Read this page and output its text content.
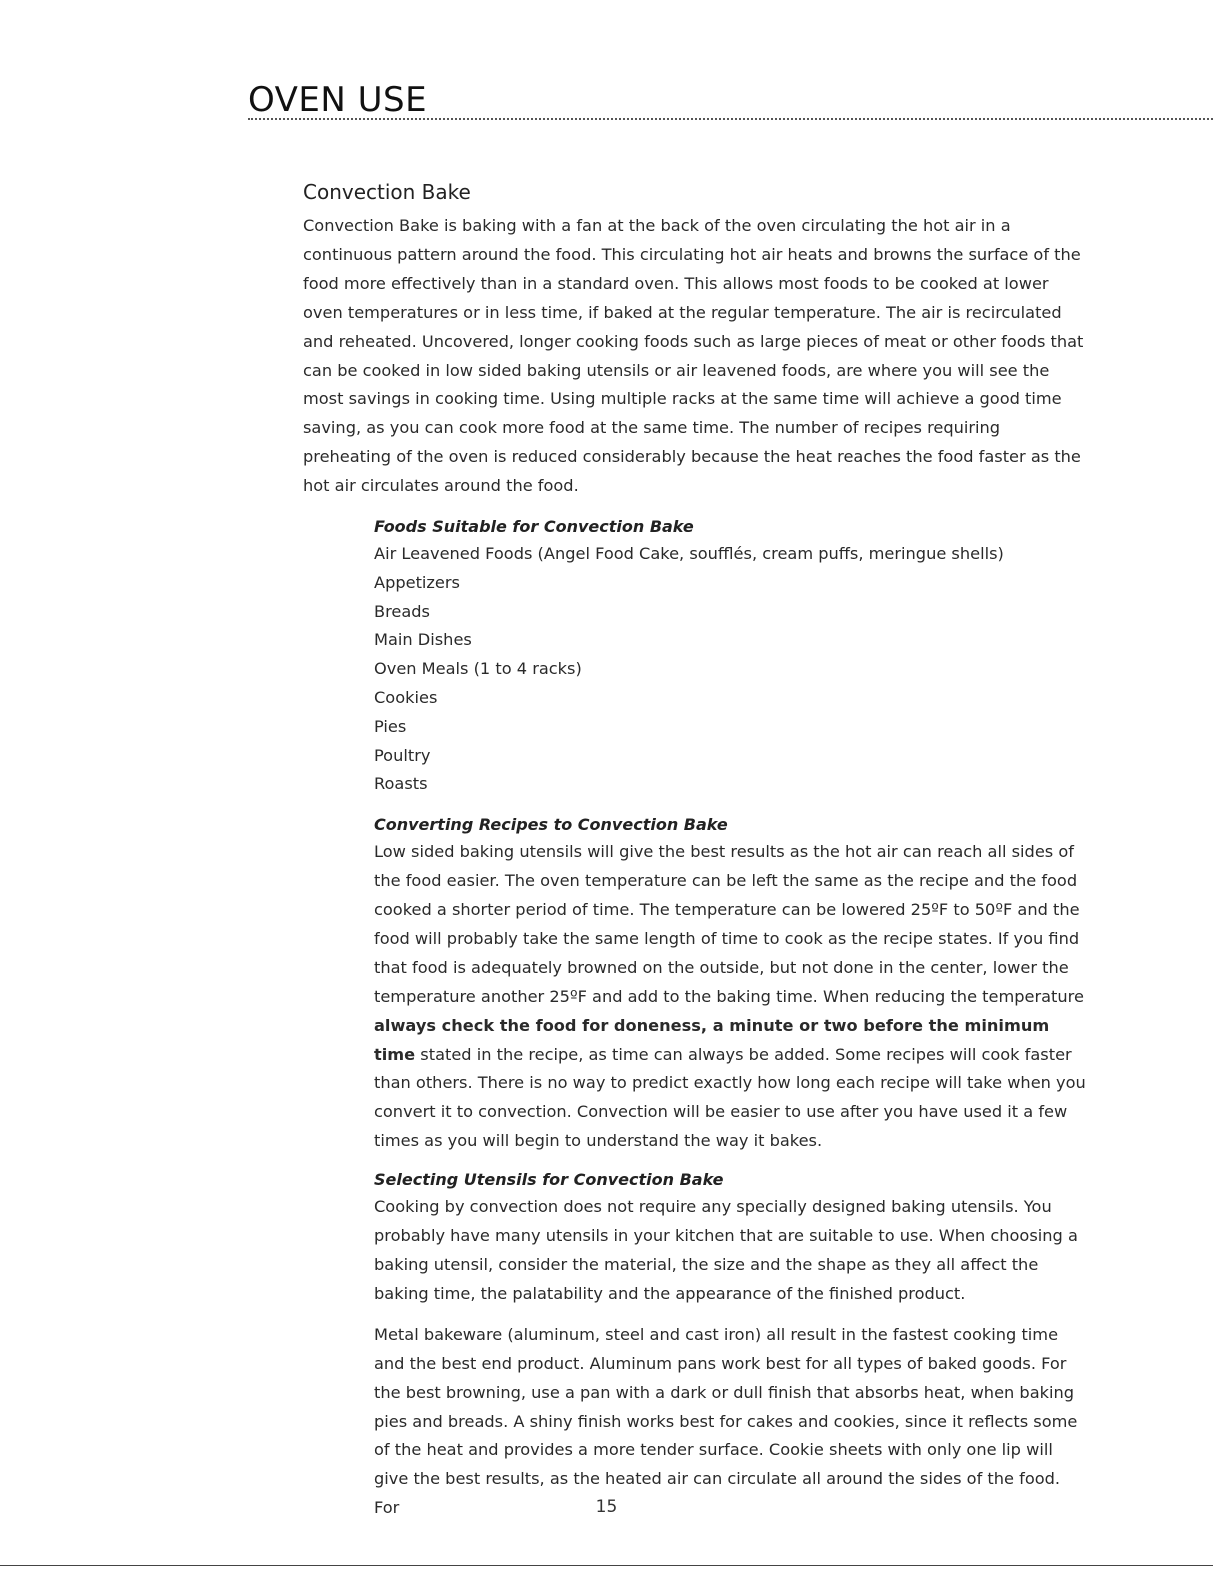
OVEN USE
Convection Bake

Convection Bake is baking with a fan at the back of the oven circulating the hot air in a continuous pattern around the food. This circulating hot air heats and browns the surface of the food more effectively than in a standard oven. This allows most foods to be cooked at lower oven temperatures or in less time, if baked at the regular temperature. The air is recirculated and reheated. Uncovered, longer cooking foods such as large pieces of meat or other foods that can be cooked in low sided baking utensils or air leavened foods, are where you will see the most savings in cooking time. Using multiple racks at the same time will achieve a good time saving, as you can cook more food at the same time. The number of recipes requiring preheating of the oven is reduced considerably because the heat reaches the food faster as the hot air circulates around the food.

Foods Suitable for Convection Bake
Air Leavened Foods (Angel Food Cake, soufflés, cream puffs, meringue shells)
Appetizers
Breads
Main Dishes
Oven Meals (1 to 4 racks)
Cookies
Pies
Poultry
Roasts
Converting Recipes to Convection Bake

Low sided baking utensils will give the best results as the hot air can reach all sides of the food easier. The oven temperature can be left the same as the recipe and the food cooked a shorter period of time. The temperature can be lowered 25ºF to 50ºF and the food will probably take the same length of time to cook as the recipe states. If you find that food is adequately browned on the outside, but not done in the center, lower the temperature another 25ºF and add to the baking time. When reducing the temperature always check the food for doneness, a minute or two before the minimum time stated in the recipe, as time can always be added. Some recipes will cook faster than others. There is no way to predict exactly how long each recipe will take when you convert it to convection. Convection will be easier to use after you have used it a few times as you will begin to understand the way it bakes.

Selecting Utensils for Convection Bake

Cooking by convection does not require any specially designed baking utensils. You probably have many utensils in your kitchen that are suitable to use. When choosing a baking utensil, consider the material, the size and the shape as they all affect the baking time, the palatability and the appearance of the finished product.

Metal bakeware (aluminum, steel and cast iron) all result in the fastest cooking time and the best end product. Aluminum pans work best for all types of baked goods. For the best browning, use a pan with a dark or dull finish that absorbs heat, when baking pies and breads. A shiny finish works best for cakes and cookies, since it reflects some of the heat and provides a more tender surface. Cookie sheets with only one lip will give the best results, as the heated air can circulate all around the sides of the food. For	15
